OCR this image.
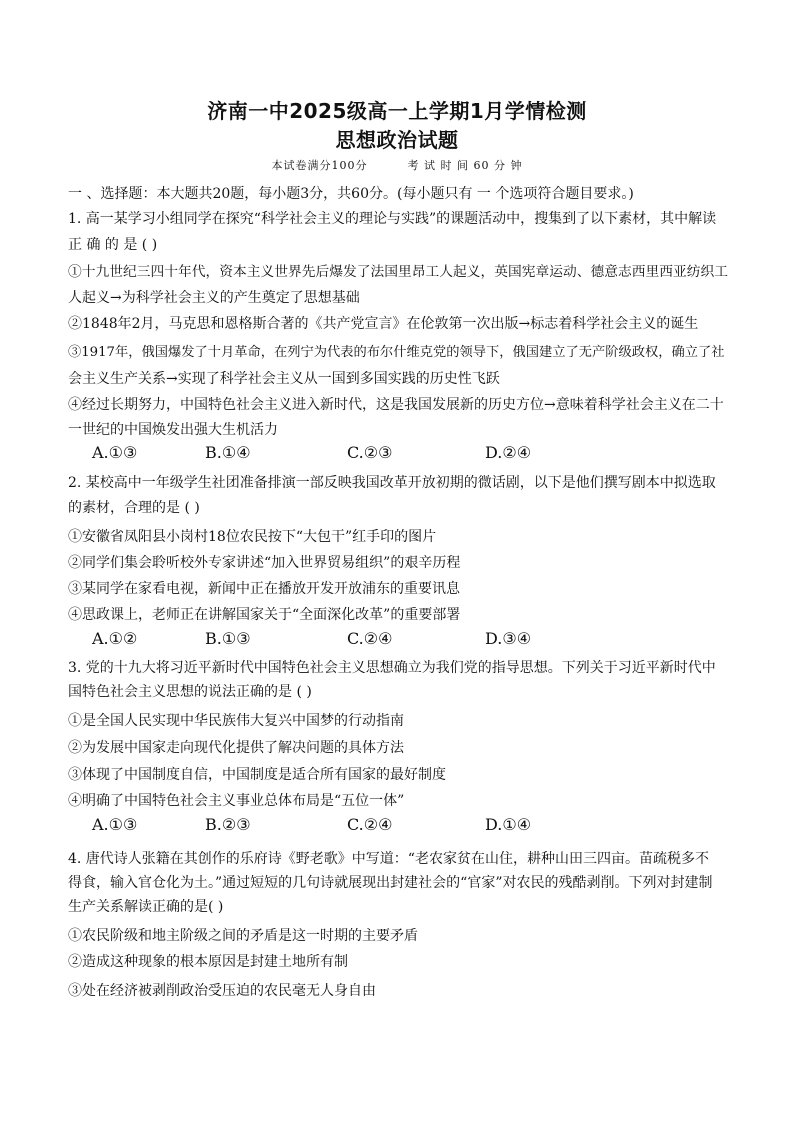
济南一中2025级高一上学期1月学情检测
思想政治试题
本试卷满分100分	考 试 时 间 60 分 钟
一 、选择题：本大题共20题，每小题3分，共60分。(每小题只有 一 个选项符合题目要求。)
1. 高一某学习小组同学在探究“科学社会主义的理论与实践”的课题活动中，搜集到了以下素材，其中解读
正 确 的 是 ( )
①十九世纪三四十年代，资本主义世界先后爆发了法国里昂工人起义，英国宪章运动、德意志西里西亚纺织工
人起义→为科学社会主义的产生奠定了思想基础
②1848年2月，马克思和恩格斯合著的《共产党宣言》在伦敦第一次出版→标志着科学社会主义的诞生
③1917年，俄国爆发了十月革命，在列宁为代表的布尔什维克党的领导下，俄国建立了无产阶级政权，确立了社
会主义生产关系→实现了科学社会主义从一国到多国实践的历史性飞跃
④经过长期努力，中国特色社会主义进入新时代，这是我国发展新的历史方位→意味着科学社会主义在二十
一世纪的中国焕发出强大生机活力
A.①③	B.①④	C.②③	D.②④
2. 某校高中一年级学生社团准备排演一部反映我国改革开放初期的微话剧，以下是他们撰写剧本中拟选取
的素材，合理的是 ( )
①安徽省凤阳县小岗村18位农民按下“大包干”红手印的图片
②同学们集会聆听校外专家讲述“加入世界贸易组织”的艰辛历程
③某同学在家看电视，新闻中正在播放开发开放浦东的重要讯息
④思政课上，老师正在讲解国家关于“全面深化改革”的重要部署
A.①②	B.①③	C.②④	D.③④
3. 党的十九大将习近平新时代中国特色社会主义思想确立为我们党的指导思想。下列关于习近平新时代中
国特色社会主义思想的说法正确的是 ( )
①是全国人民实现中华民族伟大复兴中国梦的行动指南
②为发展中国家走向现代化提供了解决问题的具体方法
③体现了中国制度自信，中国制度是适合所有国家的最好制度
④明确了中国特色社会主义事业总体布局是“五位一体”
A.①③	B.②③	C.②④	D.①④
4. 唐代诗人张籍在其创作的乐府诗《野老歌》中写道：“老农家贫在山住，耕种山田三四亩。苗疏税多不
得食，输入官仓化为土。”通过短短的几句诗就展现出封建社会的“官家”对农民的残酷剥削。下列对封建制
生产关系解读正确的是( )
①农民阶级和地主阶级之间的矛盾是这一时期的主要矛盾
②造成这种现象的根本原因是封建土地所有制
③处在经济被剥削政治受压迫的农民毫无人身自由
